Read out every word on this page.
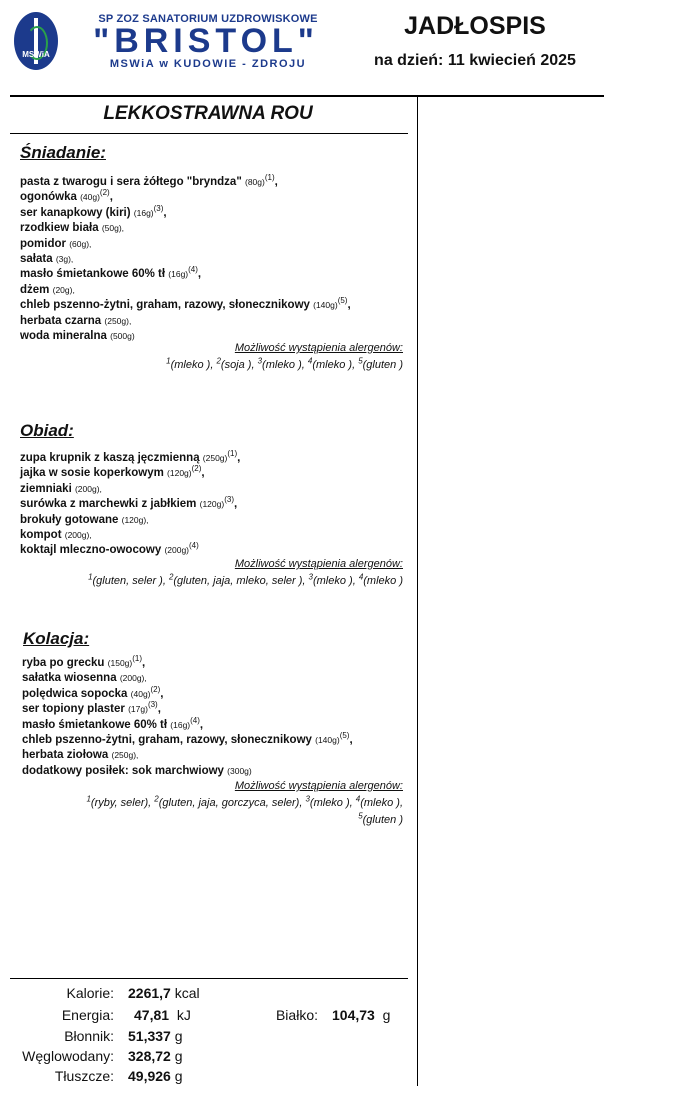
MSWiA
SP ZOZ SANATORIUM UZDROWISKOWE
"BRISTOL"
MSWiA w KUDOWIE - ZDROJU
JADŁOSPIS
na dzień: 11 kwiecień 2025
LEKKOSTRAWNA ROU
Śniadanie:
pasta z twarogu i sera żółtego "bryndza" $(80g)^{(1)}$,
ogonówka $(40g)^{(2)}$,
ser kanapkowy (kiri) $(16g)^{(3)}$,
rzodkiew biała (50g),
pomidor (60g),
sałata (3g),
masło śmietankowe 60% tł $(16g)^{(4)}$,
dżem (20g),
chleb pszenno-żytni, graham, razowy, słonecznikowy $(140g)^{(5)}$,
herbata czarna (250g),
woda mineralna (500g)
Możliwość wystąpienia alergenów:
$^1$(mleko ), $^2$(soja ), $^3$(mleko ), $^4$(mleko ), $^5$(gluten )
Obiad:
zupa krupnik z kaszą jęczmienną $(250g)^{(1)}$,
jajka w sosie koperkowym $(120g)^{(2)}$,
ziemniaki (200g),
surówka z marchewki z jabłkiem $(120g)^{(3)}$,
brokuły gotowane (120g),
kompot (200g),
koktajl mleczno-owocowy $(200g)^{(4)}$
Możliwość wystąpienia alergenów:
$^1$(gluten, seler ), $^2$(gluten, jaja, mleko, seler ), $^3$(mleko ), $^4$(mleko )
Kolacja:
ryba po grecku $(150g)^{(1)}$,
sałatka wiosenna (200g),
polędwica sopocka $(40g)^{(2)}$,
ser topiony plaster $(17g)^{(3)}$,
masło śmietankowe 60% tł $(16g)^{(4)}$,
chleb pszenno-żytni, graham, razowy, słonecznikowy $(140g)^{(5)}$,
herbata ziołowa (250g),
dodatkowy posiłek: sok marchwiowy (300g)
Możliwość wystąpienia alergenów:
$^1$(ryby, seler), $^2$(gluten, jaja, gorczyca, seler), $^3$(mleko ), $^4$(mleko ),
$^5$(gluten )
Kalorie: 2261,7 kcal
Energia: 47,81 kJ	Białko: 104,73 g
Błonnik: 51,337 g
Węglowodany: 328,72 g
Tłuszcze: 49,926 g
